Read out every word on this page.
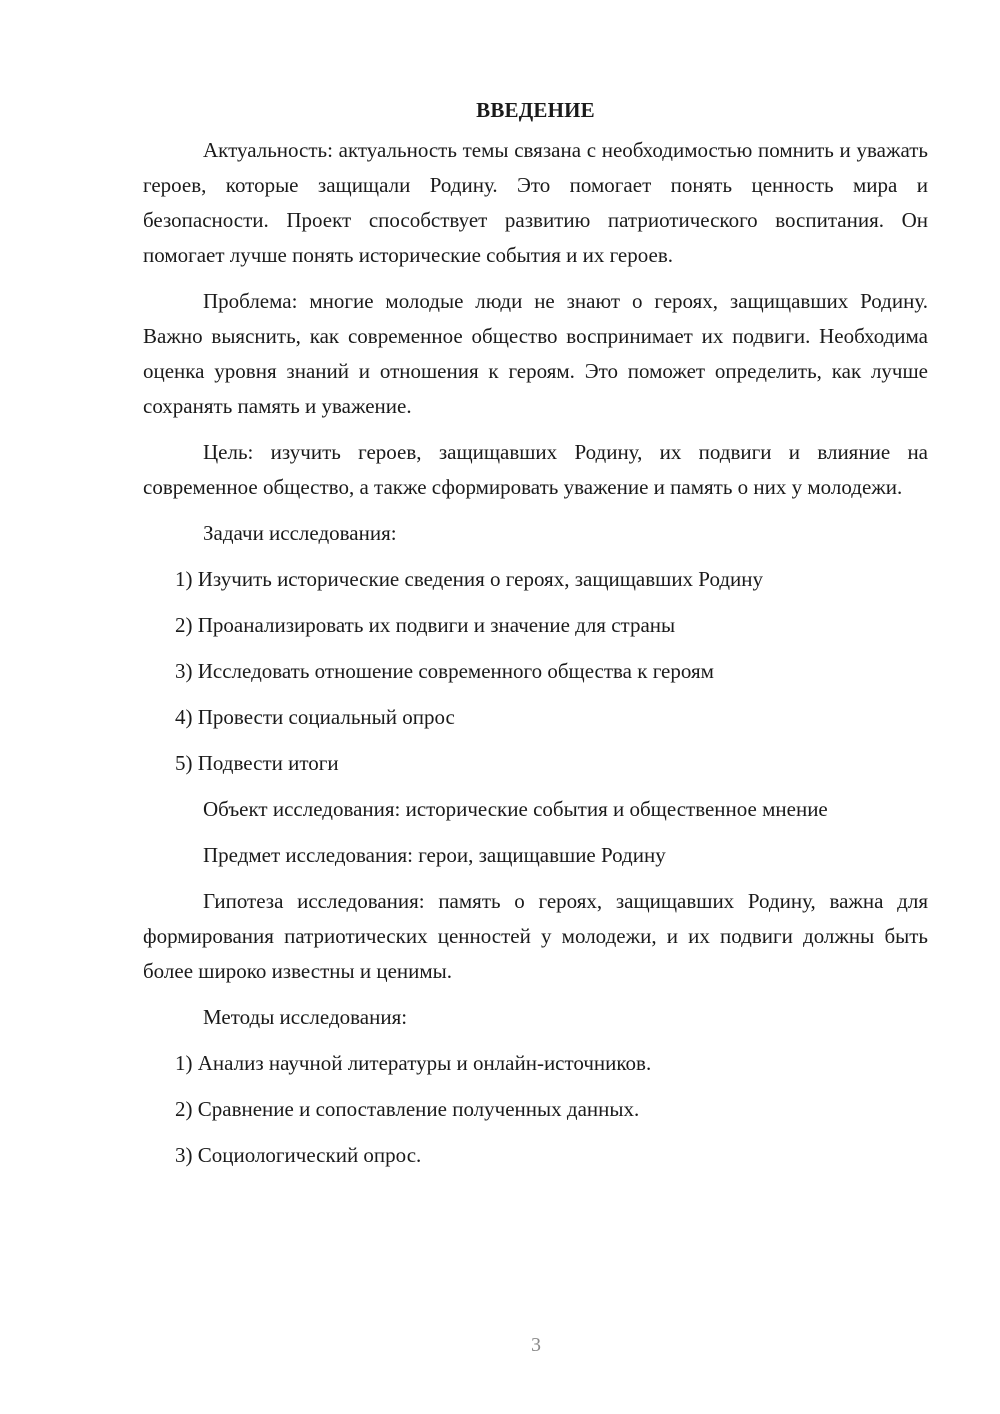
ВВЕДЕНИЕ

Актуальность: актуальность темы связана с необходимостью помнить и уважать героев, которые защищали Родину. Это помогает понять ценность мира и безопасности. Проект способствует развитию патриотического воспитания. Он помогает лучше понять исторические события и их героев.

Проблема: многие молодые люди не знают о героях, защищавших Родину. Важно выяснить, как современное общество воспринимает их подвиги. Необходима оценка уровня знаний и отношения к героям. Это поможет определить, как лучше сохранять память и уважение.

Цель: изучить героев, защищавших Родину, их подвиги и влияние на современное общество, а также сформировать уважение и память о них у молодежи.

Задачи исследования:

1) Изучить исторические сведения о героях, защищавших Родину

2) Проанализировать их подвиги и значение для страны

3) Исследовать отношение современного общества к героям

4) Провести социальный опрос

5) Подвести итоги

Объект исследования: исторические события и общественное мнение

Предмет исследования: герои, защищавшие Родину

Гипотеза исследования: память о героях, защищавших Родину, важна для формирования патриотических ценностей у молодежи, и их подвиги должны быть более широко известны и ценимы.

Методы исследования:

1) Анализ научной литературы и онлайн-источников.

2) Сравнение и сопоставление полученных данных.

3) Социологический опрос.

3
